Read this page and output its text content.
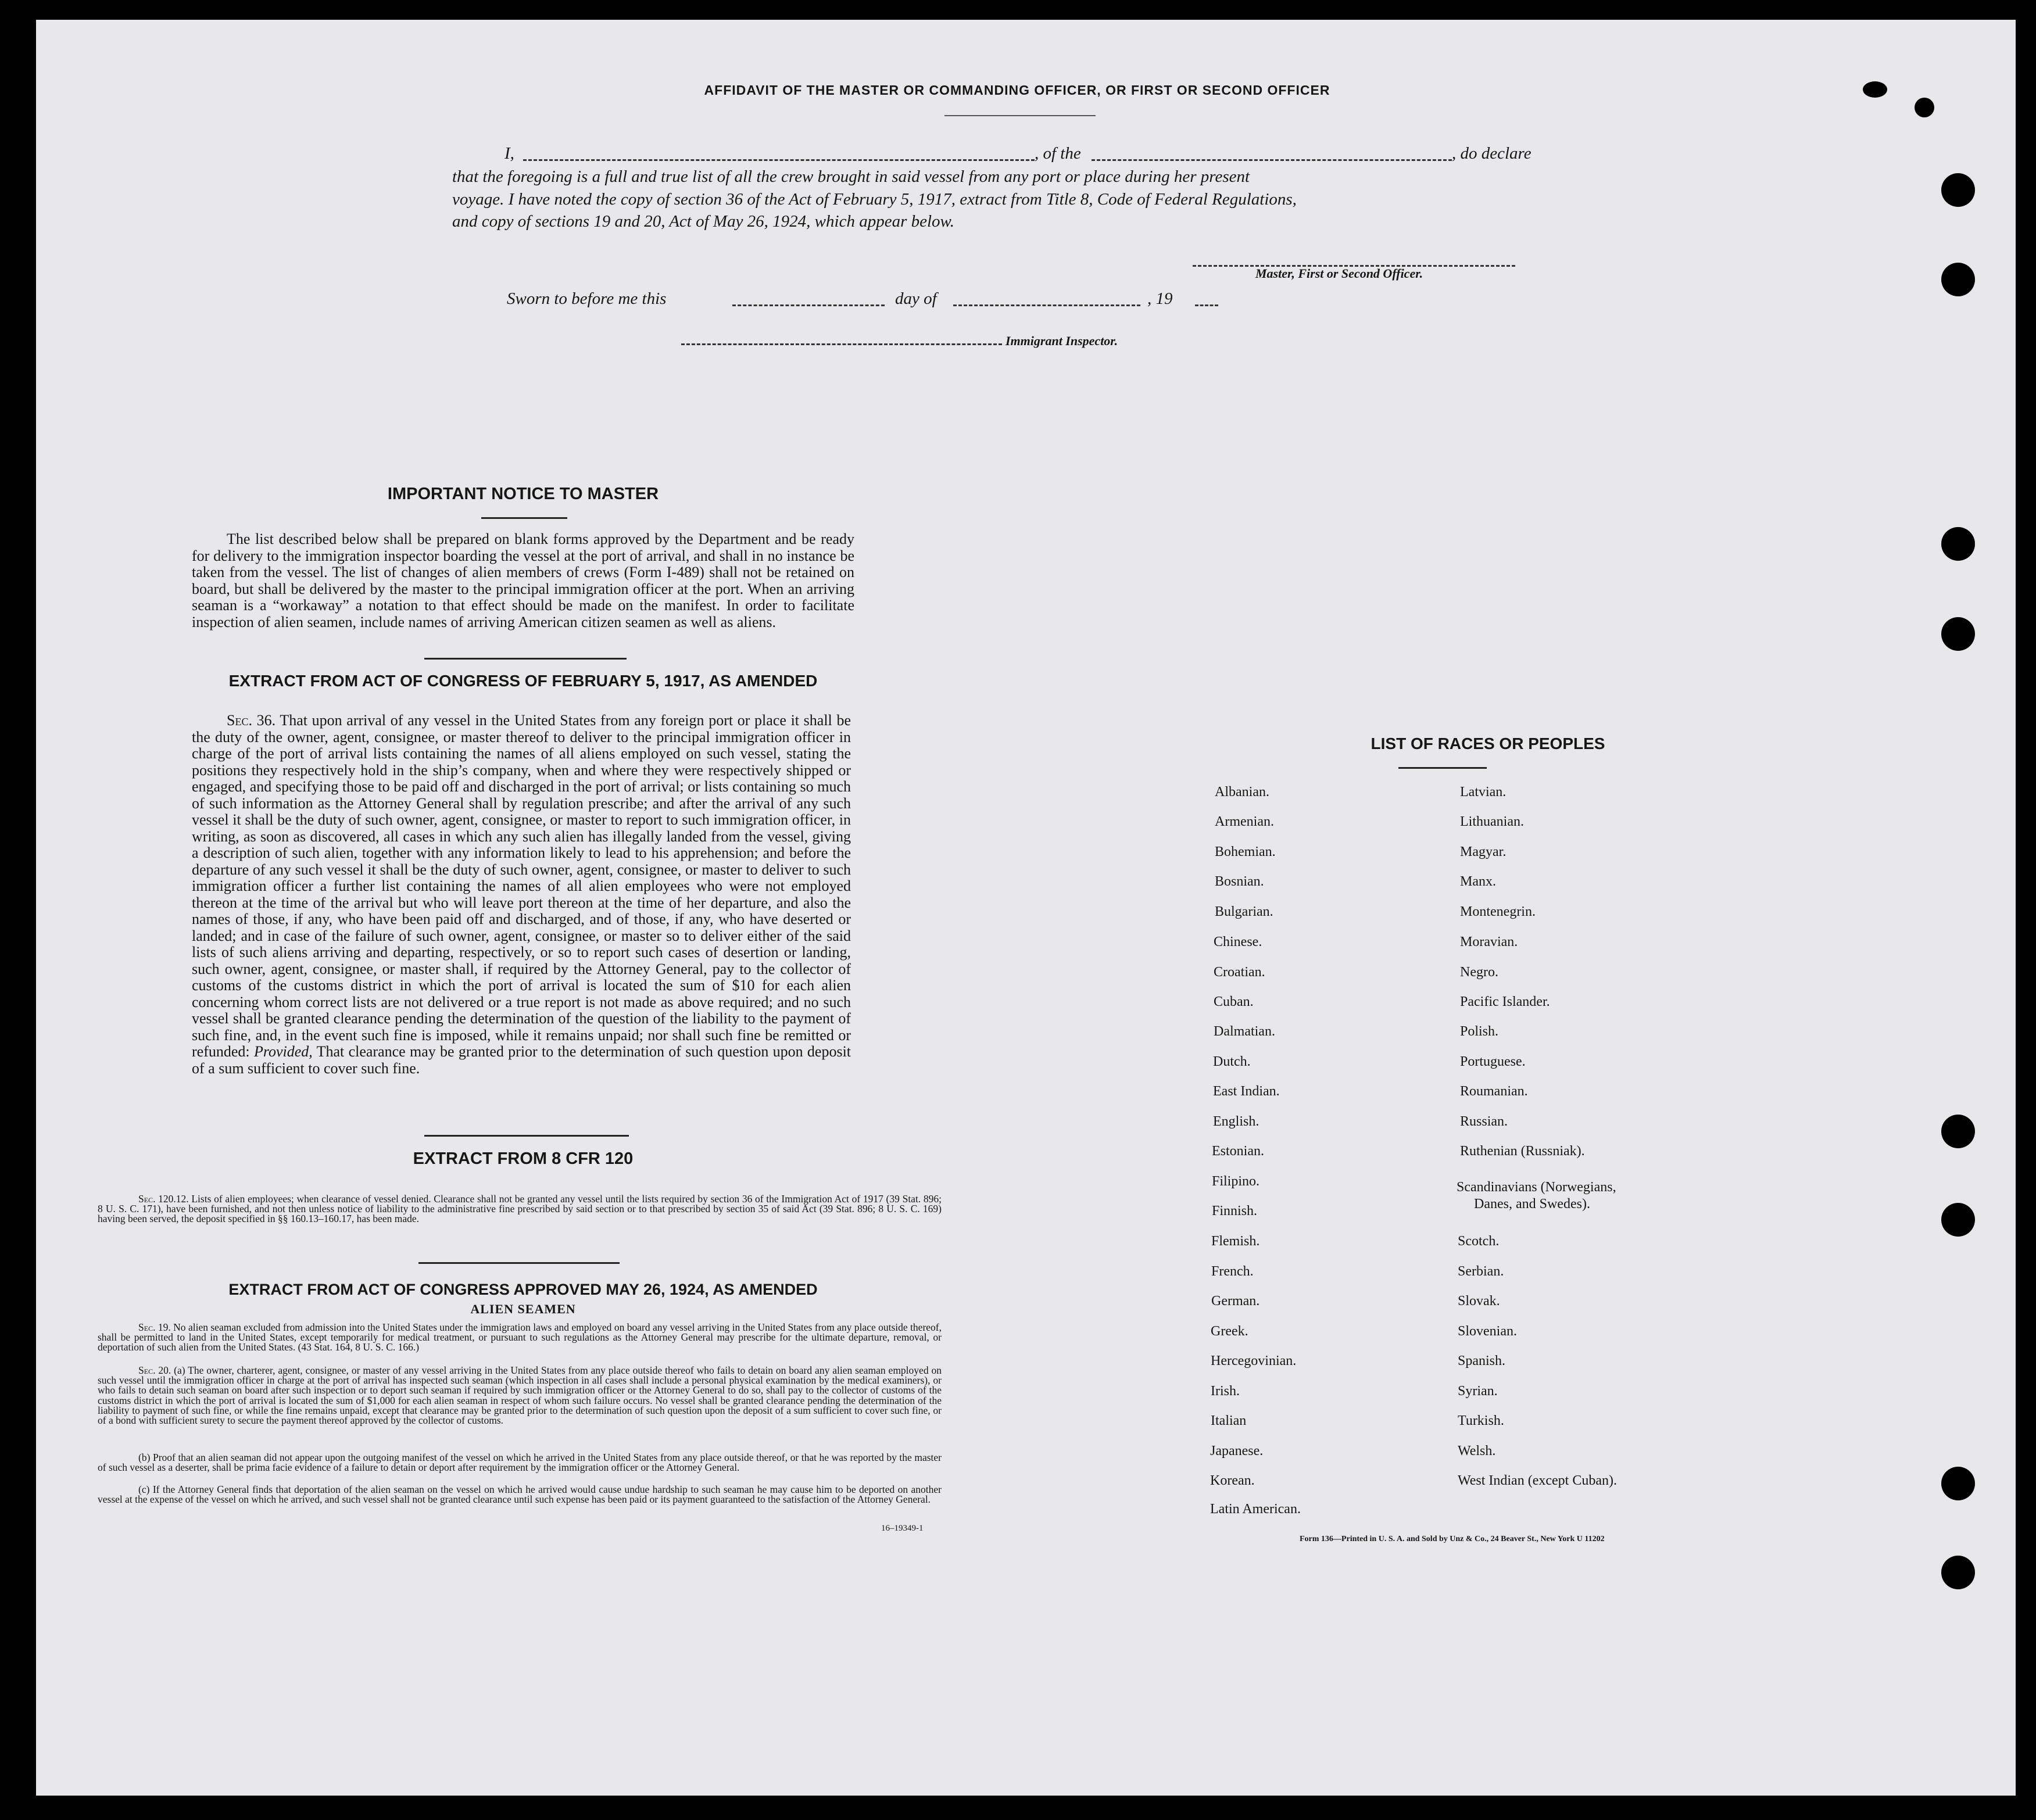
AFFIDAVIT OF THE MASTER OR COMMANDING OFFICER, OR FIRST OR SECOND OFFICER
I,	, of the	, do declare
that the foregoing is a full and true list of all the crew brought in said vessel from any port or place during her present
voyage. I have noted the copy of section 36 of the Act of February 5, 1917, extract from Title 8, Code of Federal Regulations,
and copy of sections 19 and 20, Act of May 26, 1924, which appear below.
Master, First or Second Officer.
Sworn to before me this	day of	, 19
Immigrant Inspector.
IMPORTANT NOTICE TO MASTER
The list described below shall be prepared on blank forms approved by the Department and be ready for delivery to the immigration inspector boarding the vessel at the port of arrival, and shall in no instance be taken from the vessel. The list of changes of alien members of crews (Form I-489) shall not be retained on board, but shall be delivered by the master to the principal immigration officer at the port. When an arriving seaman is a “workaway” a notation to that effect should be made on the manifest. In order to facilitate inspection of alien seamen, include names of arriving American citizen seamen as well as aliens.
EXTRACT FROM ACT OF CONGRESS OF FEBRUARY 5, 1917, AS AMENDED
Sec. 36. That upon arrival of any vessel in the United States from any foreign port or place it shall be the duty of the owner, agent, consignee, or master thereof to deliver to the principal immigration officer in charge of the port of arrival lists containing the names of all aliens employed on such vessel, stating the positions they respectively hold in the ship’s company, when and where they were respectively shipped or engaged, and specifying those to be paid off and discharged in the port of arrival; or lists containing so much of such information as the Attorney General shall by regulation prescribe; and after the arrival of any such vessel it shall be the duty of such owner, agent, consignee, or master to report to such immigration officer, in writing, as soon as discovered, all cases in which any such alien has illegally landed from the vessel, giving a description of such alien, together with any information likely to lead to his apprehension; and before the departure of any such vessel it shall be the duty of such owner, agent, consignee, or master to deliver to such immigration officer a further list containing the names of all alien employees who were not employed thereon at the time of the arrival but who will leave port thereon at the time of her departure, and also the names of those, if any, who have been paid off and discharged, and of those, if any, who have deserted or landed; and in case of the failure of such owner, agent, consignee, or master so to deliver either of the said lists of such aliens arriving and departing, respectively, or so to report such cases of desertion or landing, such owner, agent, consignee, or master shall, if required by the Attorney General, pay to the collector of customs of the customs district in which the port of arrival is located the sum of $10 for each alien concerning whom correct lists are not delivered or a true report is not made as above required; and no such vessel shall be granted clearance pending the determination of the question of the liability to the payment of such fine, and, in the event such fine is imposed, while it remains unpaid; nor shall such fine be remitted or refunded: Provided, That clearance may be granted prior to the determination of such question upon deposit of a sum sufficient to cover such fine.
EXTRACT FROM 8 CFR 120
Sec. 120.12. Lists of alien employees; when clearance of vessel denied. Clearance shall not be granted any vessel until the lists required by section 36 of the Immigration Act of 1917 (39 Stat. 896; 8 U. S. C. 171), have been furnished, and not then unless notice of liability to the administrative fine prescribed by said section or to that prescribed by section 35 of said Act (39 Stat. 896; 8 U. S. C. 169) having been served, the deposit specified in §§ 160.13–160.17, has been made.
EXTRACT FROM ACT OF CONGRESS APPROVED MAY 26, 1924, AS AMENDED
ALIEN SEAMEN
Sec. 19. No alien seaman excluded from admission into the United States under the immigration laws and employed on board any vessel arriving in the United States from any place outside thereof, shall be permitted to land in the United States, except temporarily for medical treatment, or pursuant to such regulations as the Attorney General may prescribe for the ultimate departure, removal, or deportation of such alien from the United States. (43 Stat. 164, 8 U. S. C. 166.)
Sec. 20. (a) The owner, charterer, agent, consignee, or master of any vessel arriving in the United States from any place outside thereof who fails to detain on board any alien seaman employed on such vessel until the immigration officer in charge at the port of arrival has inspected such seaman (which inspection in all cases shall include a personal physical examination by the medical examiners), or who fails to detain such seaman on board after such inspection or to deport such seaman if required by such immigration officer or the Attorney General to do so, shall pay to the collector of customs of the customs district in which the port of arrival is located the sum of $1,000 for each alien seaman in respect of whom such failure occurs. No vessel shall be granted clearance pending the determination of the liability to payment of such fine, or while the fine remains unpaid, except that clearance may be granted prior to the determination of such question upon the deposit of a sum sufficient to cover such fine, or of a bond with sufficient surety to secure the payment thereof approved by the collector of customs.
(b) Proof that an alien seaman did not appear upon the outgoing manifest of the vessel on which he arrived in the United States from any place outside thereof, or that he was reported by the master of such vessel as a deserter, shall be prima facie evidence of a failure to detain or deport after requirement by the immigration officer or the Attorney General.
(c) If the Attorney General finds that deportation of the alien seaman on the vessel on which he arrived would cause undue hardship to such seaman he may cause him to be deported on another vessel at the expense of the vessel on which he arrived, and such vessel shall not be granted clearance until such expense has been paid or its payment guaranteed to the satisfaction of the Attorney General.
16–19349-1
LIST OF RACES OR PEOPLES
Albanian.
Armenian.
Bohemian.
Bosnian.
Bulgarian.
Chinese.
Croatian.
Cuban.
Dalmatian.
Dutch.
East Indian.
English.
Estonian.
Filipino.
Finnish.
Flemish.
French.
German.
Greek.
Hercegovinian.
Irish.
Italian
Japanese.
Korean.
Latin American.
Latvian.
Lithuanian.
Magyar.
Manx.
Montenegrin.
Moravian.
Negro.
Pacific Islander.
Polish.
Portuguese.
Roumanian.
Russian.
Ruthenian (Russniak).
Scandinavians (Norwegians,
Danes, and Swedes).
Scotch.
Serbian.
Slovak.
Slovenian.
Spanish.
Syrian.
Turkish.
Welsh.
West Indian (except Cuban).
Form 136—Printed in U. S. A. and Sold by Unz & Co., 24 Beaver St., New York U 11202
